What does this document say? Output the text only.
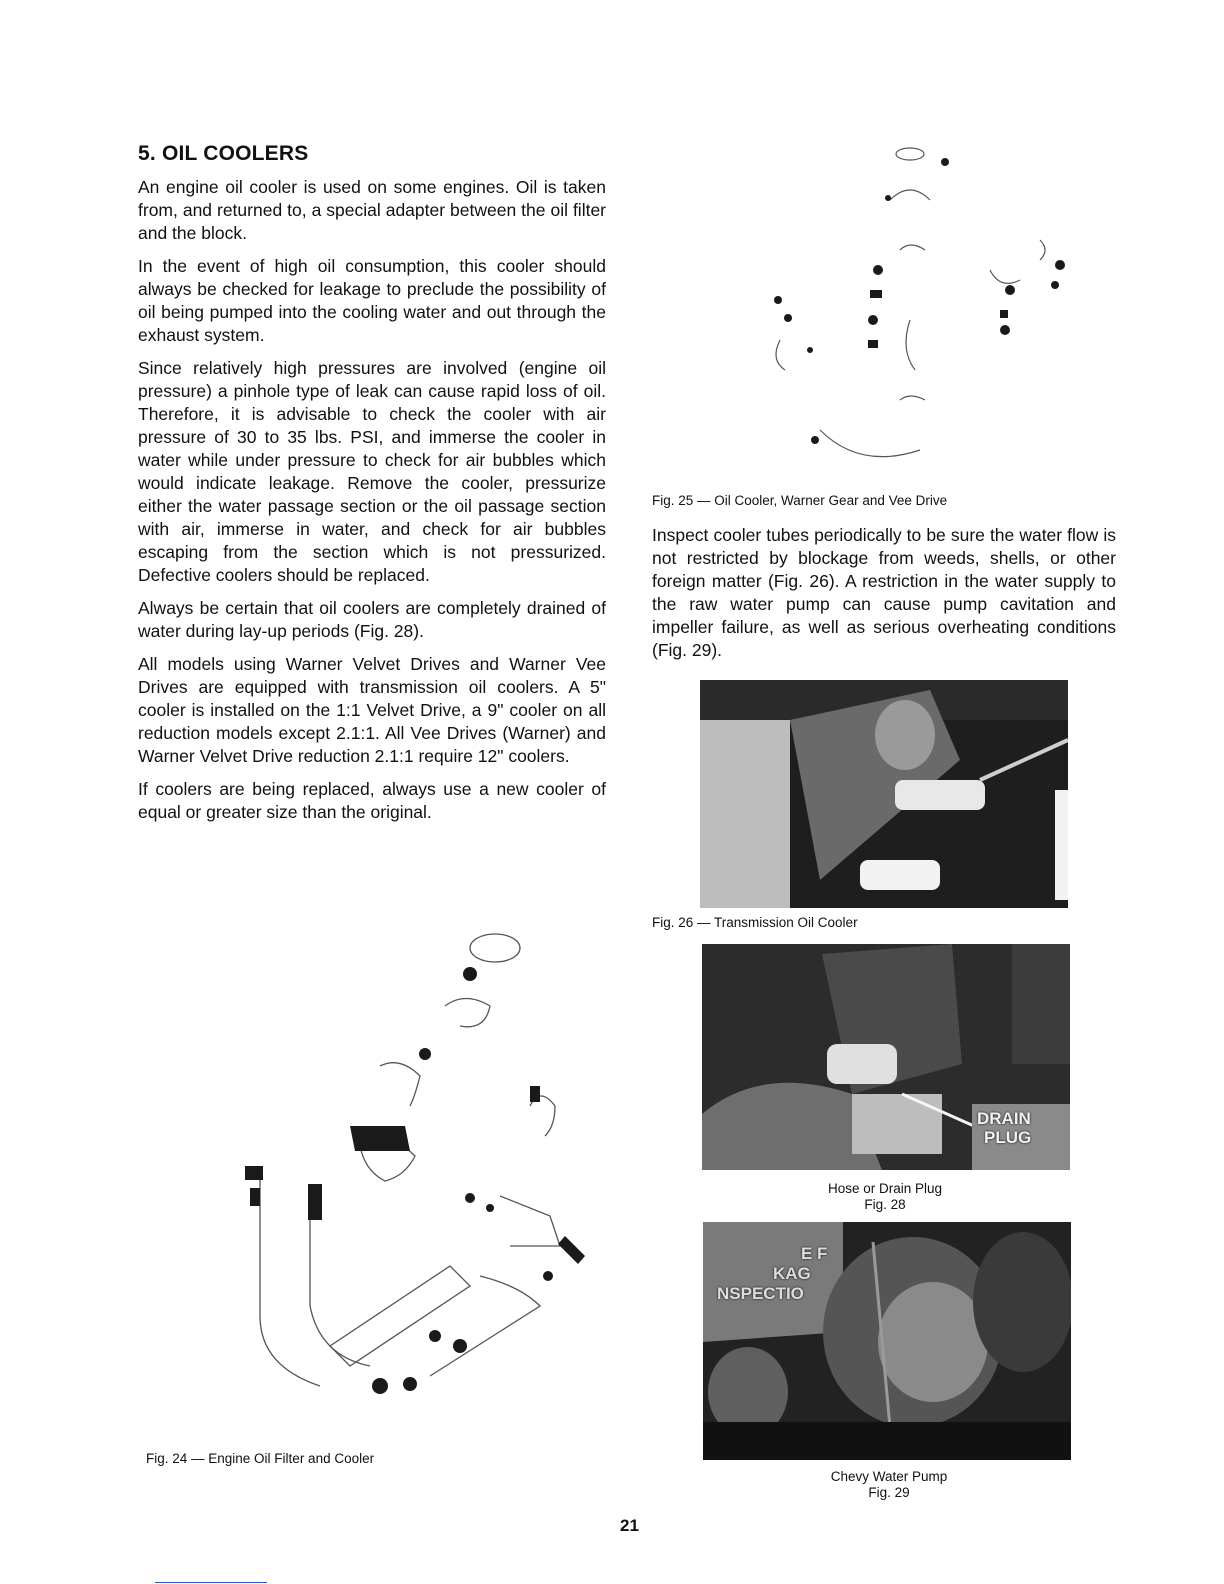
5. OIL COOLERS

An engine oil cooler is used on some engines. Oil is taken from, and returned to, a special adapter between the oil filter and the block.

In the event of high oil consumption, this cooler should always be checked for leakage to preclude the possibility of oil being pumped into the cooling water and out through the exhaust system.

Since relatively high pressures are involved (engine oil pressure) a pinhole type of leak can cause rapid loss of oil. Therefore, it is advisable to check the cooler with air pressure of 30 to 35 lbs. PSI, and immerse the cooler in water while under pressure to check for air bubbles which would indicate leakage. Remove the cooler, pressurize either the water passage section or the oil passage section with air, immerse in water, and check for air bubbles escaping from the section which is not pressurized. Defective coolers should be replaced.

Always be certain that oil coolers are completely drained of water during lay-up periods (Fig. 28).

All models using Warner Velvet Drives and Warner Vee Drives are equipped with transmission oil coolers. A 5" cooler is installed on the 1:1 Velvet Drive, a 9" cooler on all reduction models except 2.1:1. All Vee Drives (Warner) and Warner Velvet Drive reduction 2.1:1 require 12" coolers.

If coolers are being replaced, always use a new cooler of equal or greater size than the original.

Fig. 25 — Oil Cooler, Warner Gear and Vee Drive

Inspect cooler tubes periodically to be sure the water flow is not restricted by blockage from weeds, shells, or other foreign matter (Fig. 26). A restriction in the water supply to the raw water pump can cause pump cavitation and impeller failure, as well as serious overheating conditions (Fig. 29).

Fig. 26 — Transmission Oil Cooler
DRAIN
PLUG
Hose or Drain Plug
Fig. 28
E F
KAG
NSPECTIO
Chevy Water Pump
Fig. 29
Fig. 24 — Engine Oil Filter and Cooler
21
